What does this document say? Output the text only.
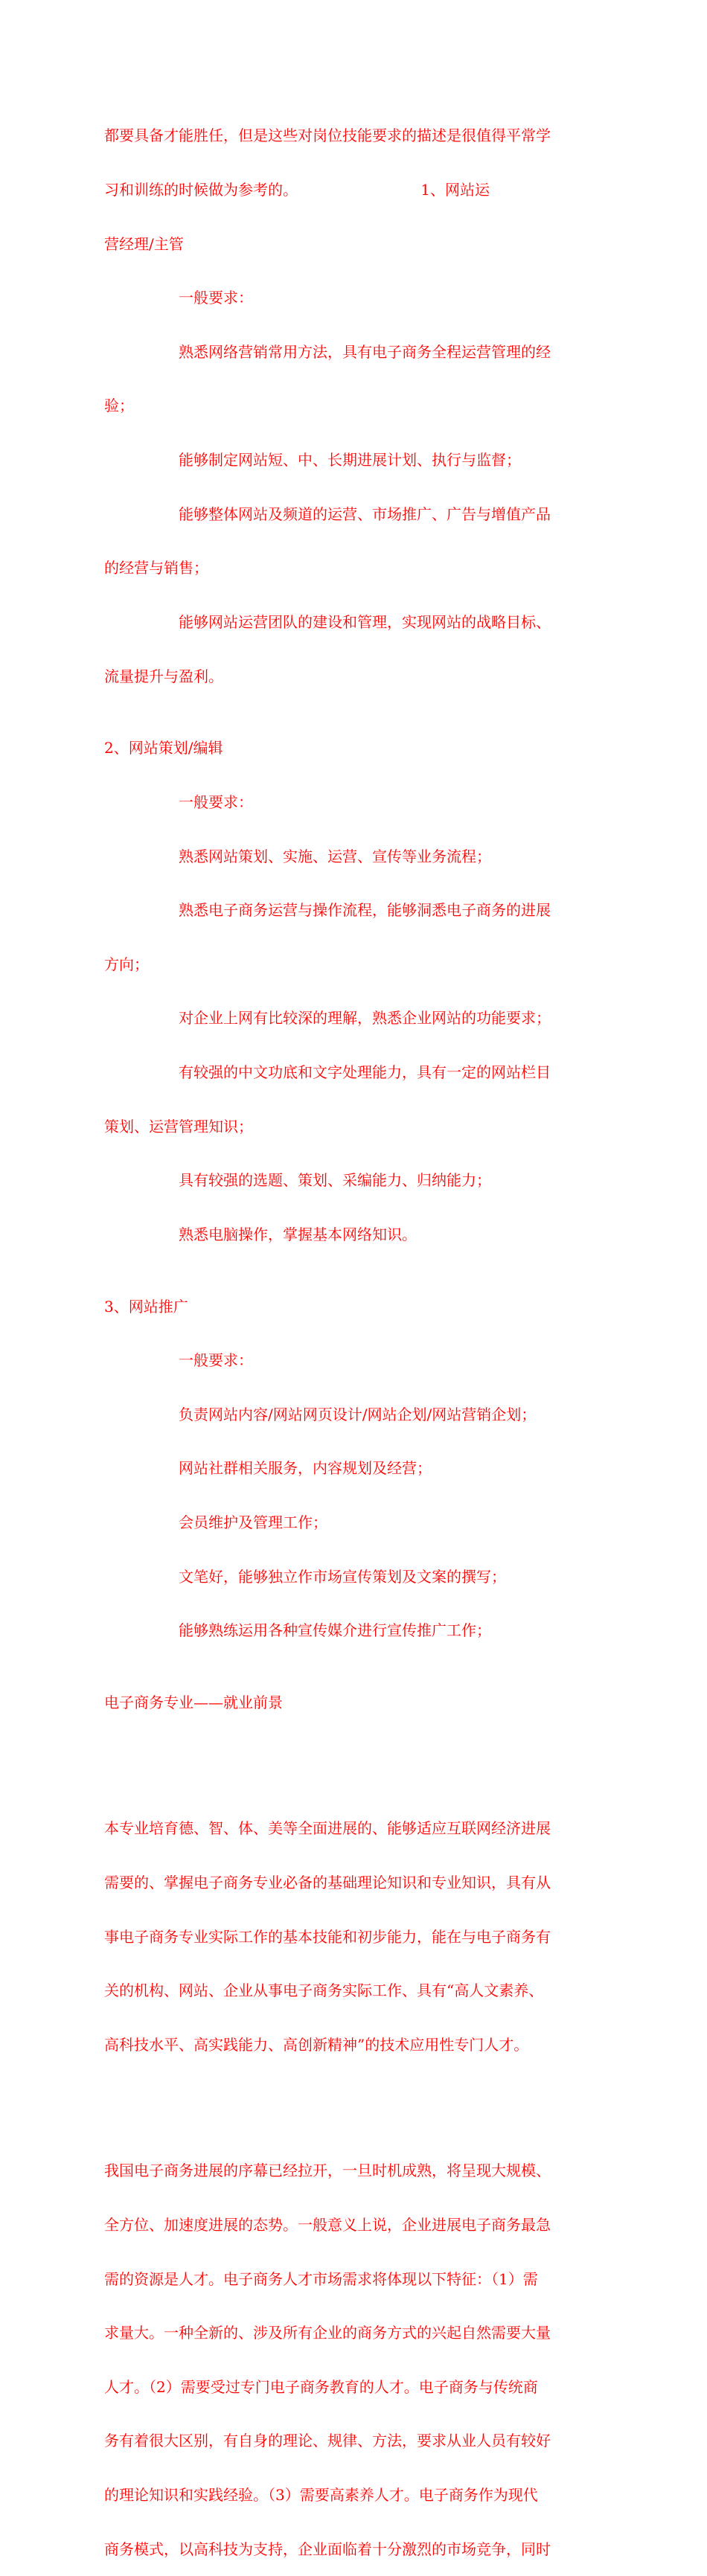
都要具备才能胜任，但是这些对岗位技能要求的描述是很值得平常学

习和训练的时候做为参考的。                          1、网站运

营经理/主管

一般要求：

熟悉网络营销常用方法，具有电子商务全程运营管理的经

验；

能够制定网站短、中、长期进展计划、执行与监督；

能够整体网站及频道的运营、市场推广、广告与增值产品

的经营与销售；

能够网站运营团队的建设和管理，实现网站的战略目标、

流量提升与盈利。

2、网站策划/编辑

一般要求：

熟悉网站策划、实施、运营、宣传等业务流程；

熟悉电子商务运营与操作流程，能够洞悉电子商务的进展

方向；

对企业上网有比较深的理解，熟悉企业网站的功能要求；

有较强的中文功底和文字处理能力，具有一定的网站栏目

策划、运营管理知识；

具有较强的选题、策划、采编能力、归纳能力；

熟悉电脑操作，掌握基本网络知识。

3、网站推广

一般要求：

负责网站内容/网站网页设计/网站企划/网站营销企划；

网站社群相关服务，内容规划及经营；

会员维护及管理工作；

文笔好，能够独立作市场宣传策划及文案的撰写；

能够熟练运用各种宣传媒介进行宣传推广工作；

电子商务专业——就业前景

本专业培育德、智、体、美等全面进展的、能够适应互联网经济进展

需要的、掌握电子商务专业必备的基础理论知识和专业知识，具有从

事电子商务专业实际工作的基本技能和初步能力，能在与电子商务有

关的机构、网站、企业从事电子商务实际工作、具有“高人文素养、

高科技水平、高实践能力、高创新精神”的技术应用性专门人才。

我国电子商务进展的序幕已经拉开，一旦时机成熟，将呈现大规模、

全方位、加速度进展的态势。一般意义上说，企业进展电子商务最急

需的资源是人才。电子商务人才市场需求将体现以下特征：（1）需

求量大。一种全新的、涉及所有企业的商务方式的兴起自然需要大量

人才。（2）需要受过专门电子商务教育的人才。电子商务与传统商

务有着很大区别，有自身的理论、规律、方法，要求从业人员有较好

的理论知识和实践经验。（3）需要高素养人才。电子商务作为现代

商务模式，以高科技为支持，企业面临着十分激烈的市场竞争，同时
